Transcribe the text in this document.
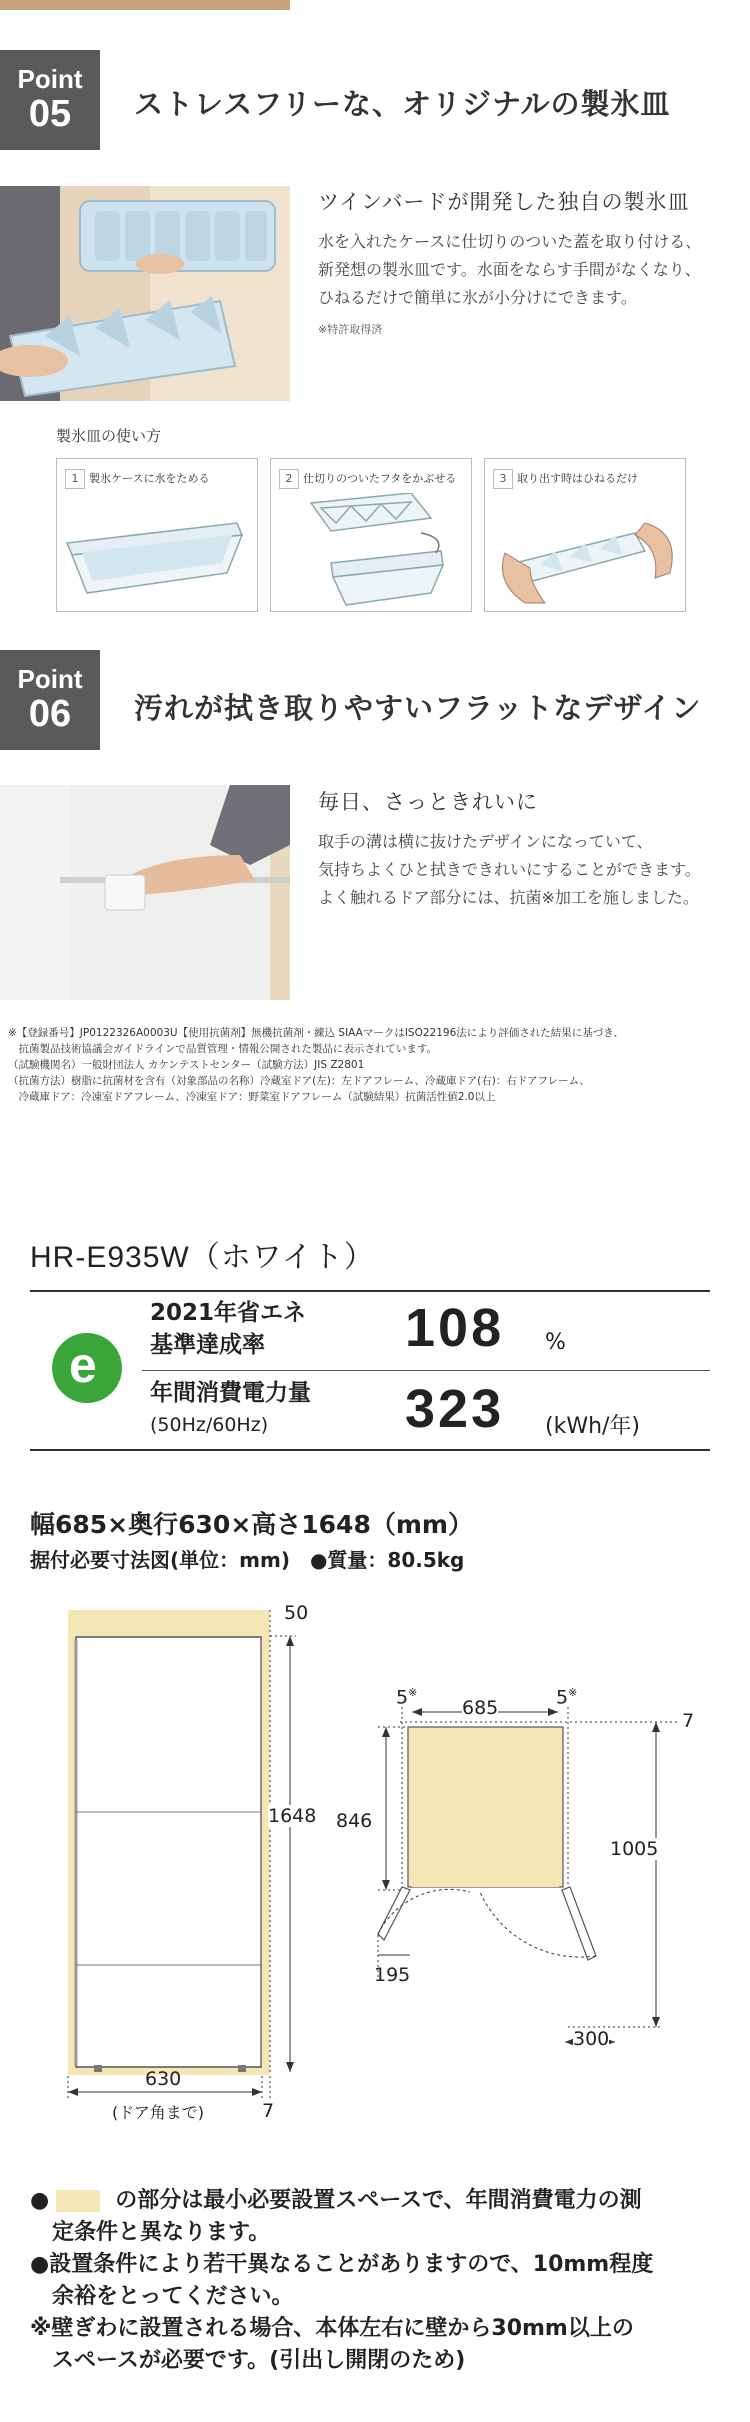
Point
05	ストレスフリーな、オリジナルの製氷皿
ツインバードが開発した独自の製氷皿
水を入れたケースに仕切りのついた蓋を取り付ける、
新発想の製氷皿です。水面をならす手間がなくなり、
ひねるだけで簡単に氷が小分けにできます。
※特許取得済
製氷皿の使い方
1 製氷ケースに水をためる	2 仕切りのついたフタをかぶせる	3 取り出す時はひねるだけ
Point
06	汚れが拭き取りやすいフラットなデザイン
毎日、さっときれいに
取手の溝は横に抜けたデザインになっていて、
気持ちよくひと拭きできれいにすることができます。
よく触れるドア部分には、抗菌※加工を施しました。
※【登録番号】JP0122326A0003U【使用抗菌剤】無機抗菌剤・練込 SIAAマークはISO22196法により評価された結果に基づき、
　抗菌製品技術協議会ガイドラインで品質管理・情報公開された製品に表示されています。
（試験機関名）一般財団法人 カケンテストセンター（試験方法）JIS Z2801
（抗菌方法）樹脂に抗菌材を含有（対象部品の名称）冷蔵室ドア(左)：左ドアフレーム、冷蔵庫ドア(右)：右ドアフレーム、
　冷蔵庫ドア：冷凍室ドアフレーム、冷凍室ドア：野菜室ドアフレーム（試験結果）抗菌活性値2.0以上
HR-E935W（ホワイト）
e
2021年省エネ
基準達成率	108 %
年間消費電力量
(50Hz/60Hz)	323 (kWh/年)
幅685×奥行630×高さ1648（mm）
据付必要寸法図(単位：mm)　●質量：80.5kg
50
1648
630
(ドア角まで)	7
5※	5※
685
7
846
1005
195
300
●　　　の部分は最小必要設置スペースで、年間消費電力の測
　定条件と異なります。
●設置条件により若干異なることがありますので、10mm程度
　余裕をとってください。
※壁ぎわに設置される場合、本体左右に壁から30mm以上の
　スペースが必要です。(引出し開閉のため)
